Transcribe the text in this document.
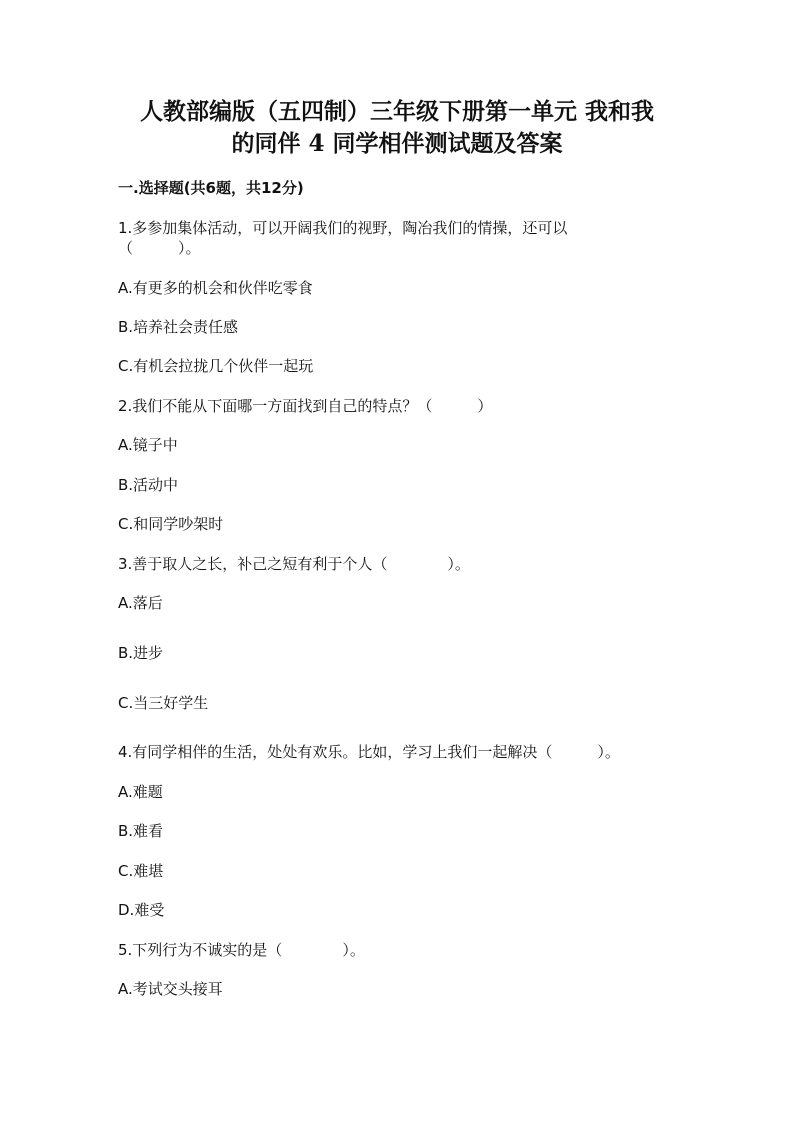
人教部编版（五四制）三年级下册第一单元 我和我
的同伴 4 同学相伴测试题及答案
一.选择题(共6题，共12分)
1.多参加集体活动，可以开阔我们的视野，陶冶我们的情操，还可以
（　　　）。
A.有更多的机会和伙伴吃零食
B.培养社会责任感
C.有机会拉拢几个伙伴一起玩
2.我们不能从下面哪一方面找到自己的特点？（　　　）
A.镜子中
B.活动中
C.和同学吵架时
3.善于取人之长，补己之短有利于个人（　　　　）。
A.落后
B.进步
C.当三好学生
4.有同学相伴的生活，处处有欢乐。比如，学习上我们一起解决（　　　）。
A.难题
B.难看
C.难堪
D.难受
5.下列行为不诚实的是（　　　　）。
A.考试交头接耳
